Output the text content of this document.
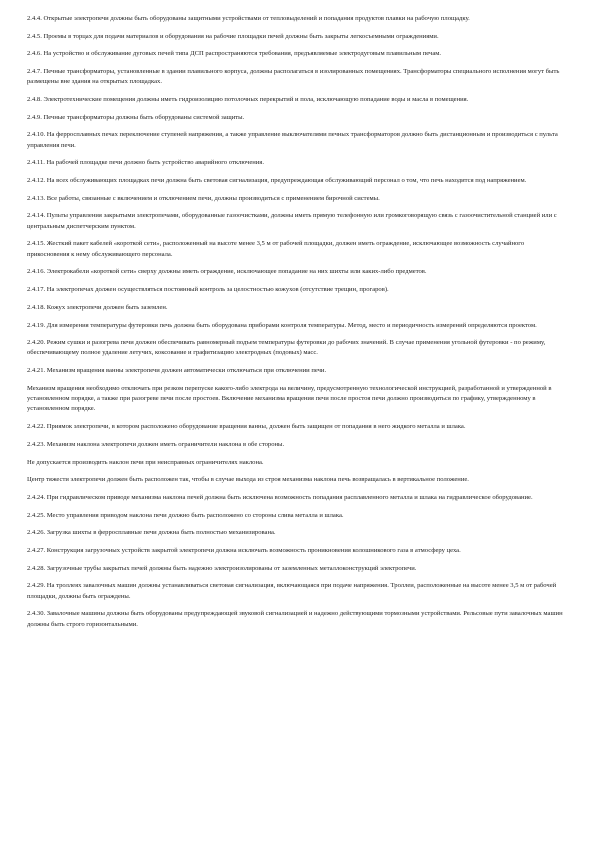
2.4.4. Открытые электропечи должны быть оборудованы защитными устройствами от тепловыделений и попадания продуктов плавки на рабочую площадку.

2.4.5. Проемы в торцах для подачи материалов и оборудования на рабочие площадки печей должны быть закрыты легкосъемными ограждениями.

2.4.6. На устройство и обслуживание дуговых печей типа ДСП распространяются требования, предъявляемые электродуговым плавильным печам.

2.4.7. Печные трансформаторы, установленные в здании плавильного корпуса, должны располагаться в изолированных помещениях. Трансформаторы специального исполнения могут быть размещены вне здания на открытых площадках.

2.4.8. Электротехнические помещения должны иметь гидроизоляцию потолочных перекрытий и пола, исключающую попадание воды и масла в помещения.

2.4.9. Печные трансформаторы должны быть оборудованы системой защиты.

2.4.10. На ферросплавных печах переключение ступеней напряжения, а также управление выключателями печных трансформаторов должно быть дистанционным и производиться с пульта управления печи.

2.4.11. На рабочей площадке печи должно быть устройство аварийного отключения.

2.4.12. На всех обслуживающих площадках печи должна быть световая сигнализация, предупреждающая обслуживающий персонал о том, что печь находится под напряжением.

2.4.13. Все работы, связанные с включением и отключением печи, должны производиться с применением бирочной системы.

2.4.14. Пульты управления закрытыми электропечами, оборудованные газоочистками, должны иметь прямую телефонную или громкоговорящую связь с газоочистительной станцией или с центральным диспетчерским пунктом.

2.4.15. Жесткий пакет кабелей «короткой сети», расположенный на высоте менее 3,5 м от рабочей площадки, должен иметь ограждение, исключающее возможность случайного прикосновения к нему обслуживающего персонала.

2.4.16. Электрокабели «короткой сети» сверху должны иметь ограждение, исключающее попадание на них шихты или каких-либо предметов.

2.4.17. На электропечах должен осуществляться постоянный контроль за целостностью кожухов (отсутствие трещин, прогаров).

2.4.18. Кожух электропечи должен быть заземлен.

2.4.19. Для измерения температуры футеровки печь должна быть оборудована приборами контроля температуры. Метод, место и периодичность измерений определяются проектом.

2.4.20. Режим сушки и разогрева печи должен обеспечивать равномерный подъем температуры футеровки до рабочих значений. В случае применения угольной футеровки - по режиму, обеспечивающему полное удаление летучих, коксование и графитизацию электродных (подовых) масс.

2.4.21. Механизм вращения ванны электропечи должен автоматически отключаться при отключении печи.

Механизм вращения необходимо отключать при резком перепуске какого-либо электрода на величину, предусмотренную технологической инструкцией, разработанной и утвержденной в установленном порядке, а также при разогреве печи после простоев. Включение механизма вращения печи после простоя печи должно производиться по графику, утвержденному в установленном порядке.

2.4.22. Приямок электропечи, в котором расположено оборудование вращения ванны, должен быть защищен от попадания в него жидкого металла и шлака.

2.4.23. Механизм наклона электропечи должен иметь ограничители наклона в обе стороны.

Не допускается производить наклон печи при неисправных ограничителях наклона.

Центр тяжести электропечи должен быть расположен так, чтобы в случае выхода из строя механизма наклона печь возвращалась в вертикальное положение.

2.4.24. При гидравлическом приводе механизма наклона печей должна быть исключена возможность попадания расплавленного металла и шлака на гидравлическое оборудование.

2.4.25. Место управления приводом наклона печи должно быть расположено со стороны слива металла и шлака.

2.4.26. Загрузка шихты в ферросплавные печи должна быть полностью механизирована.

2.4.27. Конструкция загрузочных устройств закрытой электропечи должна исключать возможность проникновения колошникового газа в атмосферу цеха.

2.4.28. Загрузочные трубы закрытых печей должны быть надежно электроизолированы от заземленных металлоконструкций электропечи.

2.4.29. На троллеях завалочных машин должны устанавливаться световая сигнализация, включающаяся при подаче напряжения. Троллеи, расположенные на высоте менее 3,5 м от рабочей площадки, должны быть ограждены.

2.4.30. Завалочные машины должны быть оборудованы предупреждающей звуковой сигнализацией и надежно действующими тормозными устройствами. Рельсовые пути завалочных машин должны быть строго горизонтальными.
